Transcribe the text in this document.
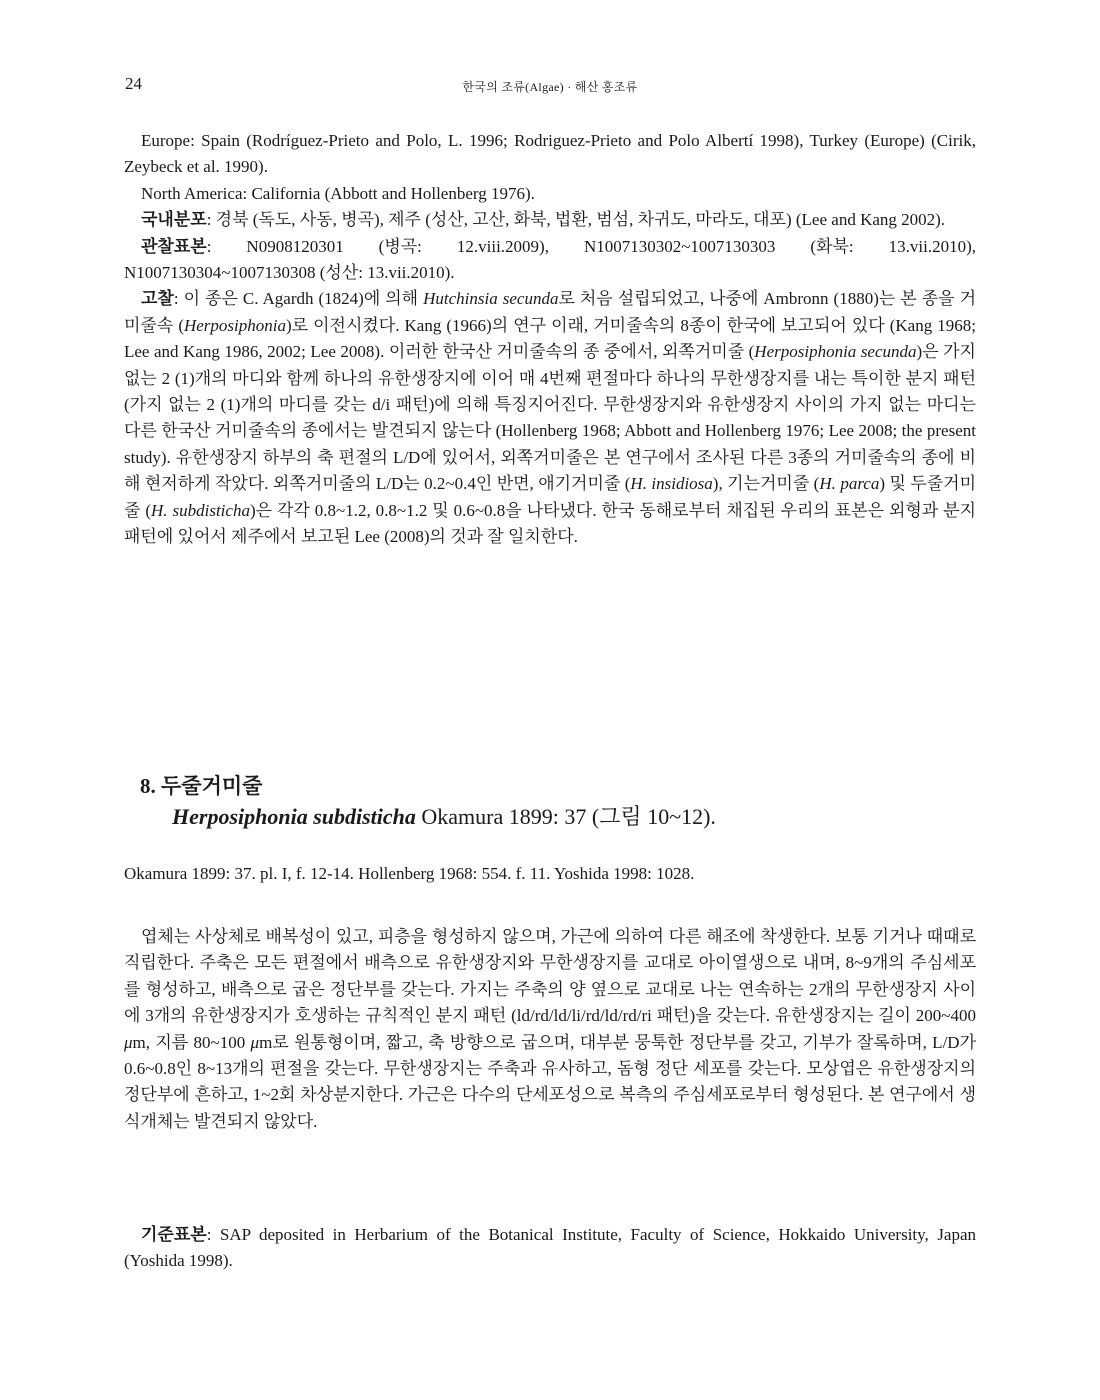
24	한국의 조류(Algae) · 해산 홍조류

Europe: Spain (Rodríguez-Prieto and Polo, L. 1996; Rodriguez-Prieto and Polo Albertí 1998), Turkey (Europe) (Cirik, Zeybeck et al. 1990).

North America: California (Abbott and Hollenberg 1976).

국내분포: 경북 (독도, 사동, 병곡), 제주 (성산, 고산, 화북, 법환, 범섬, 차귀도, 마라도, 대포) (Lee and Kang 2002).

관찰표본: N0908120301 (병곡: 12.viii.2009), N1007130302~1007130303 (화북: 13.vii.2010), N1007130304~1007130308 (성산: 13.vii.2010).

고찰: 이 종은 C. Agardh (1824)에 의해 Hutchinsia secunda로 처음 설립되었고, 나중에 Ambronn (1880)는 본 종을 거미줄속 (Herposiphonia)로 이전시켰다. Kang (1966)의 연구 이래, 거미줄속의 8종이 한국에 보고되어 있다 (Kang 1968; Lee and Kang 1986, 2002; Lee 2008). 이러한 한국산 거미줄속의 종 중에서, 외쪽거미줄 (Herposiphonia secunda)은 가지 없는 2 (1)개의 마디와 함께 하나의 유한생장지에 이어 매 4번째 편절마다 하나의 무한생장지를 내는 특이한 분지 패턴 (가지 없는 2 (1)개의 마디를 갖는 d/i 패턴)에 의해 특징지어진다. 무한생장지와 유한생장지 사이의 가지 없는 마디는 다른 한국산 거미줄속의 종에서는 발견되지 않는다 (Hollenberg 1968; Abbott and Hollenberg 1976; Lee 2008; the present study). 유한생장지 하부의 축 편절의 L/D에 있어서, 외쪽거미줄은 본 연구에서 조사된 다른 3종의 거미줄속의 종에 비해 현저하게 작았다. 외쪽거미줄의 L/D는 0.2~0.4인 반면, 애기거미줄 (H. insidiosa), 기는거미줄 (H. parca) 및 두줄거미줄 (H. subdisticha)은 각각 0.8~1.2, 0.8~1.2 및 0.6~0.8을 나타냈다. 한국 동해로부터 채집된 우리의 표본은 외형과 분지 패턴에 있어서 제주에서 보고된 Lee (2008)의 것과 잘 일치한다.

8. 두줄거미줄
Herposiphonia subdisticha Okamura 1899: 37 (그림 10~12).
Okamura 1899: 37. pl. I, f. 12-14. Hollenberg 1968: 554. f. 11. Yoshida 1998: 1028.

엽체는 사상체로 배복성이 있고, 피층을 형성하지 않으며, 가근에 의하여 다른 해조에 착생한다. 보통 기거나 때때로 직립한다. 주축은 모든 편절에서 배측으로 유한생장지와 무한생장지를 교대로 아이열생으로 내며, 8~9개의 주심세포를 형성하고, 배측으로 굽은 정단부를 갖는다. 가지는 주축의 양 옆으로 교대로 나는 연속하는 2개의 무한생장지 사이에 3개의 유한생장지가 호생하는 규칙적인 분지 패턴 (ld/rd/ld/li/rd/ld/rd/ri 패턴)을 갖는다. 유한생장지는 길이 200~400 μm, 지름 80~100 μm로 원통형이며, 짧고, 축 방향으로 굽으며, 대부분 뭉툭한 정단부를 갖고, 기부가 잘록하며, L/D가 0.6~0.8인 8~13개의 편절을 갖는다. 무한생장지는 주축과 유사하고, 돔형 정단 세포를 갖는다. 모상엽은 유한생장지의 정단부에 흔하고, 1~2회 차상분지한다. 가근은 다수의 단세포성으로 복측의 주심세포로부터 형성된다. 본 연구에서 생식개체는 발견되지 않았다.

기준표본: SAP deposited in Herbarium of the Botanical Institute, Faculty of Science, Hokkaido University, Japan (Yoshida 1998).
